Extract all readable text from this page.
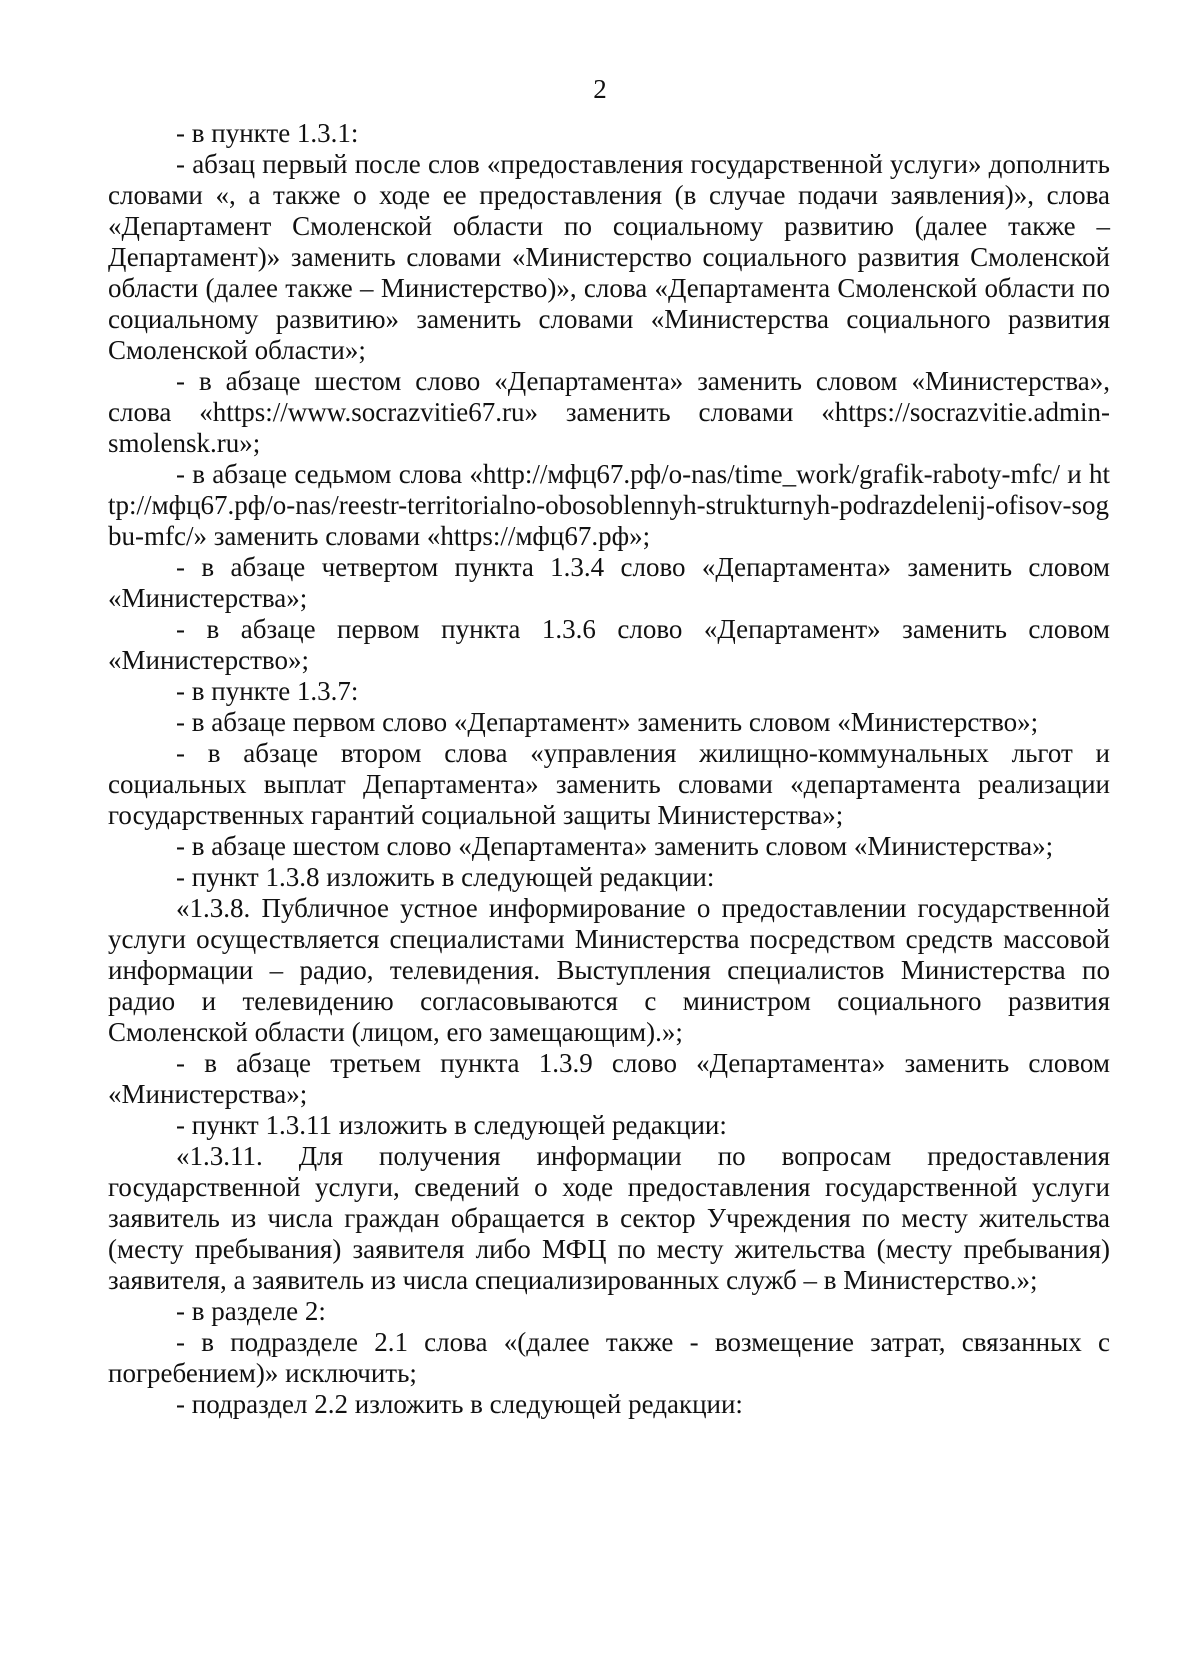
2

- в пункте 1.3.1:

- абзац первый после слов «предоставления государственной услуги» дополнить словами «, а также о ходе ее предоставления (в случае подачи заявления)», слова «Департамент Смоленской области по социальному развитию (далее также – Департамент)» заменить словами «Министерство социального развития Смоленской области (далее также – Министерство)», слова «Департамента Смоленской области по социальному развитию» заменить словами «Министерства социального развития Смоленской области»;

- в абзаце шестом слово «Департамента» заменить словом «Министерства», слова «https://www.socrazvitie67.ru» заменить словами «https://socrazvitie.admin-smolensk.ru»;

- в абзаце седьмом слова «http://мфц67.рф/o-nas/time_work/grafik-raboty-mfc/ и http://мфц67.рф/o-nas/reestr-territorialno-obosoblennyh-strukturnyh-podrazdelenij-ofisov-sogbu-mfc/» заменить словами «https://мфц67.рф»;

- в абзаце четвертом пункта 1.3.4 слово «Департамента» заменить словом «Министерства»;

- в абзаце первом пункта 1.3.6 слово «Департамент» заменить словом «Министерство»;

- в пункте 1.3.7:

- в абзаце первом слово «Департамент» заменить словом «Министерство»;

- в абзаце втором слова «управления жилищно-коммунальных льгот и социальных выплат Департамента» заменить словами «департамента реализации государственных гарантий социальной защиты Министерства»;

- в абзаце шестом слово «Департамента» заменить словом «Министерства»;

- пункт 1.3.8 изложить в следующей редакции:

«1.3.8. Публичное устное информирование о предоставлении государственной услуги осуществляется специалистами Министерства посредством средств массовой информации – радио, телевидения. Выступления специалистов Министерства по радио и телевидению согласовываются с министром социального развития Смоленской области (лицом, его замещающим).»;

- в абзаце третьем пункта 1.3.9 слово «Департамента» заменить словом «Министерства»;

- пункт 1.3.11 изложить в следующей редакции:

«1.3.11. Для получения информации по вопросам предоставления государственной услуги, сведений о ходе предоставления государственной услуги заявитель из числа граждан обращается в сектор Учреждения по месту жительства (месту пребывания) заявителя либо МФЦ по месту жительства (месту пребывания) заявителя, а заявитель из числа специализированных служб – в Министерство.»;

- в разделе 2:

- в подразделе 2.1 слова «(далее также - возмещение затрат, связанных с погребением)» исключить;

- подраздел 2.2 изложить в следующей редакции:
